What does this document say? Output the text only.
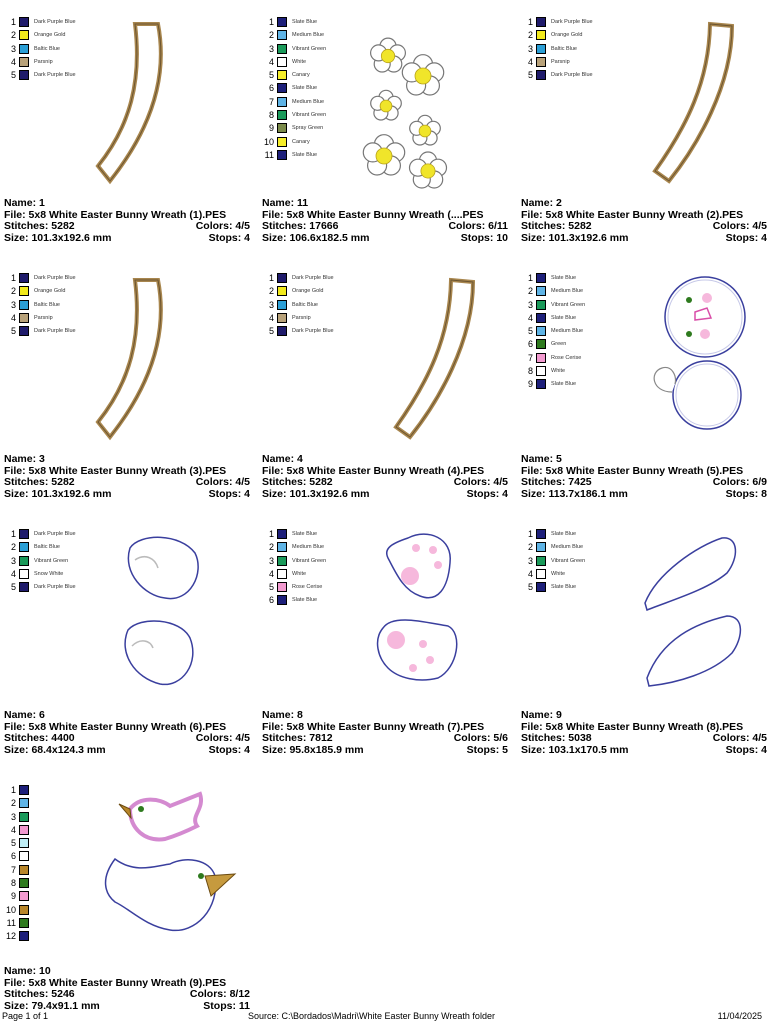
1	Dark Purple Blue
2	Orange Gold
3	Baltic Blue
4	Parsnip
5	Dark Purple Blue
Name: 1
File: 5x8 White Easter Bunny Wreath (1).PES
Stitches: 5282	Colors: 4/5
Size: 101.3x192.6 mm	Stops: 4
1	Slate Blue
2	Medium Blue
3	Vibrant Green
4	White
5	Canary
6	Slate Blue
7	Medium Blue
8	Vibrant Green
9	Spray Green
10	Canary
11	Slate Blue
Name: 11
File: 5x8 White Easter Bunny Wreath (....PES
Stitches: 17666	Colors: 6/11
Size: 106.6x182.5 mm	Stops: 10
1	Dark Purple Blue
2	Orange Gold
3	Baltic Blue
4	Parsnip
5	Dark Purple Blue
Name: 2
File: 5x8 White Easter Bunny Wreath (2).PES
Stitches: 5282	Colors: 4/5
Size: 101.3x192.6 mm	Stops: 4
1	Dark Purple Blue
2	Orange Gold
3	Baltic Blue
4	Parsnip
5	Dark Purple Blue
Name: 3
File: 5x8 White Easter Bunny Wreath (3).PES
Stitches: 5282	Colors: 4/5
Size: 101.3x192.6 mm	Stops: 4
1	Dark Purple Blue
2	Orange Gold
3	Baltic Blue
4	Parsnip
5	Dark Purple Blue
Name: 4
File: 5x8 White Easter Bunny Wreath (4).PES
Stitches: 5282	Colors: 4/5
Size: 101.3x192.6 mm	Stops: 4
1	Slate Blue
2	Medium Blue
3	Vibrant Green
4	Slate Blue
5	Medium Blue
6	Green
7	Rose Cerise
8	White
9	Slate Blue
Name: 5
File: 5x8 White Easter Bunny Wreath (5).PES
Stitches: 7425	Colors: 6/9
Size: 113.7x186.1 mm	Stops: 8
1	Dark Purple Blue
2	Baltic Blue
3	Vibrant Green
4	Snow White
5	Dark Purple Blue
Name: 6
File: 5x8 White Easter Bunny Wreath (6).PES
Stitches: 4400	Colors: 4/5
Size: 68.4x124.3 mm	Stops: 4
1	Slate Blue
2	Medium Blue
3	Vibrant Green
4	White
5	Rose Cerise
6	Slate Blue
Name: 8
File: 5x8 White Easter Bunny Wreath (7).PES
Stitches: 7812	Colors: 5/6
Size: 95.8x185.9 mm	Stops: 5
1	Slate Blue
2	Medium Blue
3	Vibrant Green
4	White
5	Slate Blue
Name: 9
File: 5x8 White Easter Bunny Wreath (8).PES
Stitches: 5038	Colors: 4/5
Size: 103.1x170.5 mm	Stops: 4
1
2
3
4
5
6
7
8
9
10
11
12
Name: 10
File: 5x8 White Easter Bunny Wreath (9).PES
Stitches: 5246	Colors: 8/12
Size: 79.4x91.1 mm	Stops: 11
Page 1 of 1	Source: C:\Bordados\Madri\White Easter Bunny Wreath folder	11/04/2025
